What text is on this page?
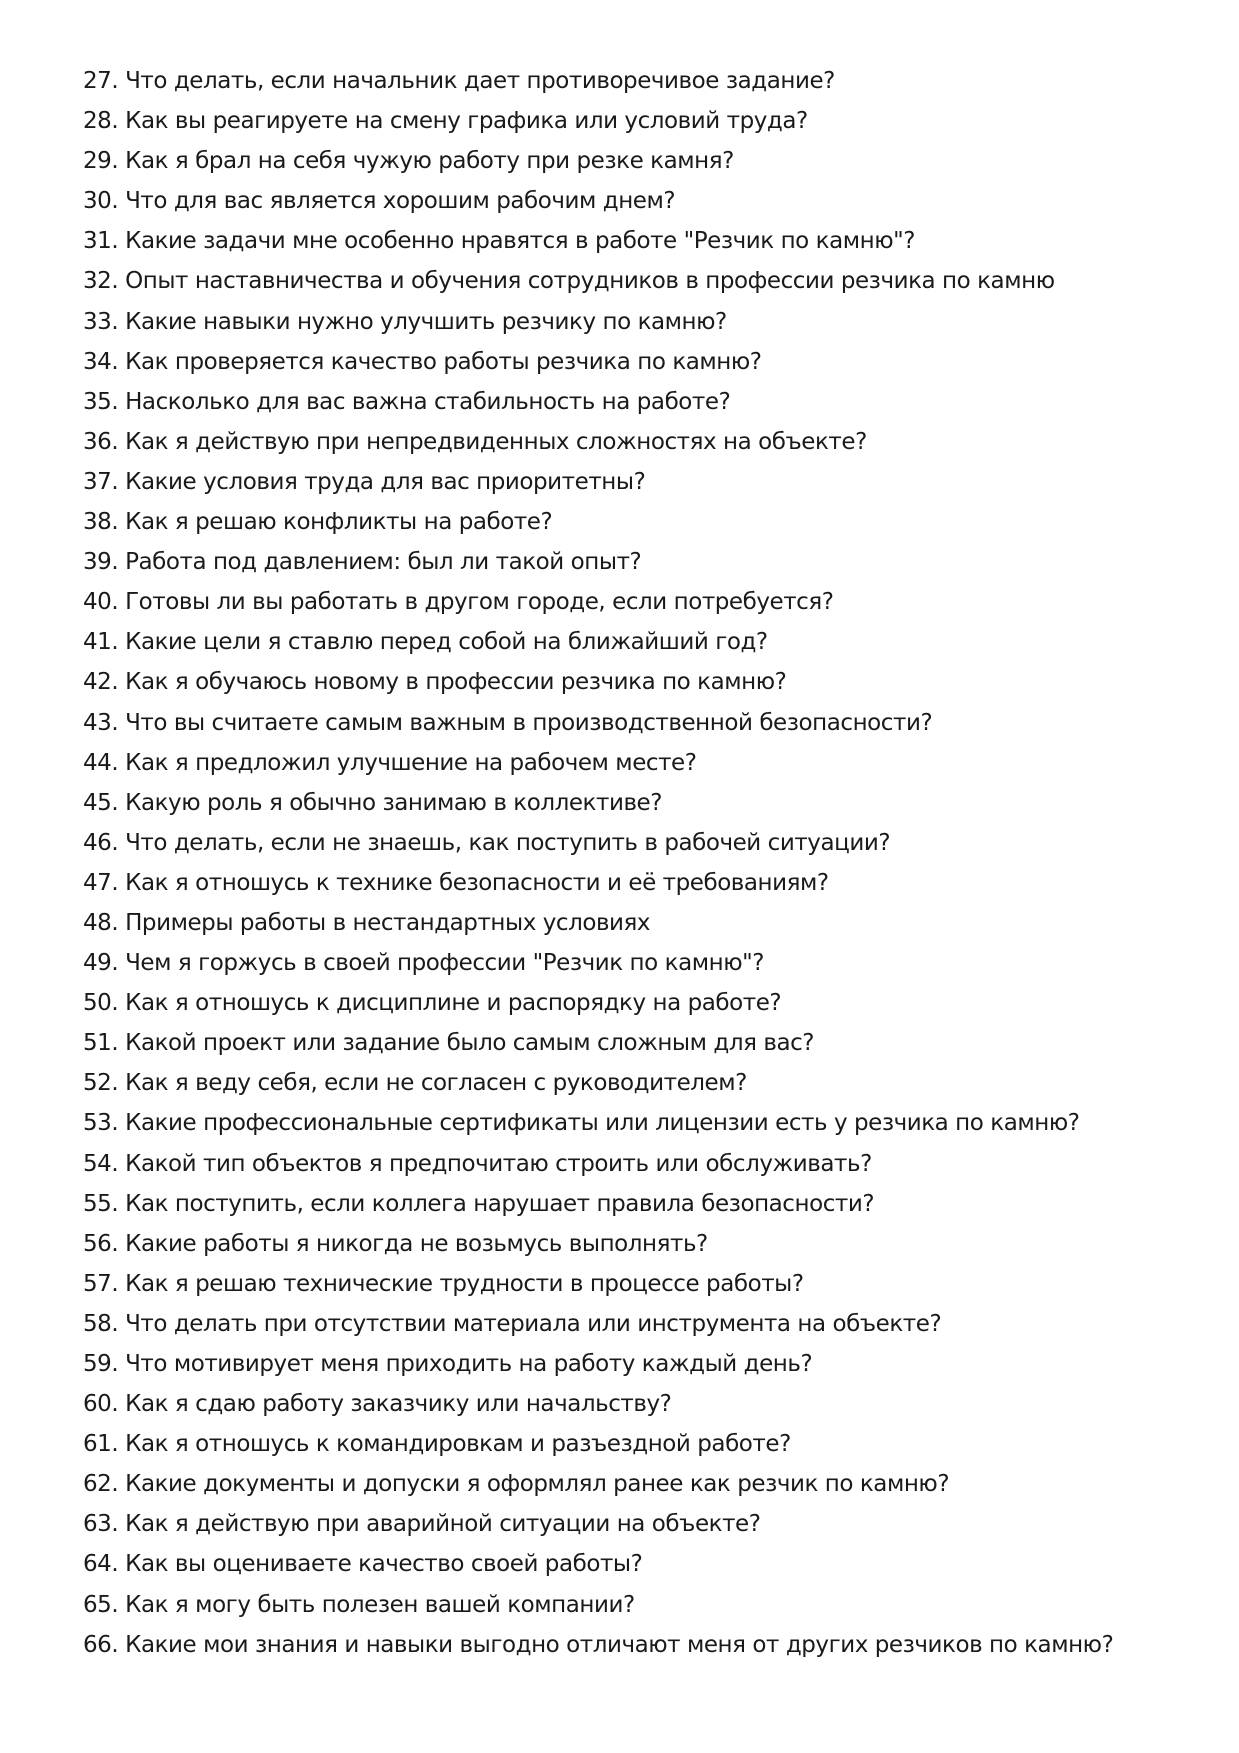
27. Что делать, если начальник дает противоречивое задание?
28. Как вы реагируете на смену графика или условий труда?
29. Как я брал на себя чужую работу при резке камня?
30. Что для вас является хорошим рабочим днем?
31. Какие задачи мне особенно нравятся в работе "Резчик по камню"?
32. Опыт наставничества и обучения сотрудников в профессии резчика по камню
33. Какие навыки нужно улучшить резчику по камню?
34. Как проверяется качество работы резчика по камню?
35. Насколько для вас важна стабильность на работе?
36. Как я действую при непредвиденных сложностях на объекте?
37. Какие условия труда для вас приоритетны?
38. Как я решаю конфликты на работе?
39. Работа под давлением: был ли такой опыт?
40. Готовы ли вы работать в другом городе, если потребуется?
41. Какие цели я ставлю перед собой на ближайший год?
42. Как я обучаюсь новому в профессии резчика по камню?
43. Что вы считаете самым важным в производственной безопасности?
44. Как я предложил улучшение на рабочем месте?
45. Какую роль я обычно занимаю в коллективе?
46. Что делать, если не знаешь, как поступить в рабочей ситуации?
47. Как я отношусь к технике безопасности и её требованиям?
48. Примеры работы в нестандартных условиях
49. Чем я горжусь в своей профессии "Резчик по камню"?
50. Как я отношусь к дисциплине и распорядку на работе?
51. Какой проект или задание было самым сложным для вас?
52. Как я веду себя, если не согласен с руководителем?
53. Какие профессиональные сертификаты или лицензии есть у резчика по камню?
54. Какой тип объектов я предпочитаю строить или обслуживать?
55. Как поступить, если коллега нарушает правила безопасности?
56. Какие работы я никогда не возьмусь выполнять?
57. Как я решаю технические трудности в процессе работы?
58. Что делать при отсутствии материала или инструмента на объекте?
59. Что мотивирует меня приходить на работу каждый день?
60. Как я сдаю работу заказчику или начальству?
61. Как я отношусь к командировкам и разъездной работе?
62. Какие документы и допуски я оформлял ранее как резчик по камню?
63. Как я действую при аварийной ситуации на объекте?
64. Как вы оцениваете качество своей работы?
65. Как я могу быть полезен вашей компании?
66. Какие мои знания и навыки выгодно отличают меня от других резчиков по камню?
